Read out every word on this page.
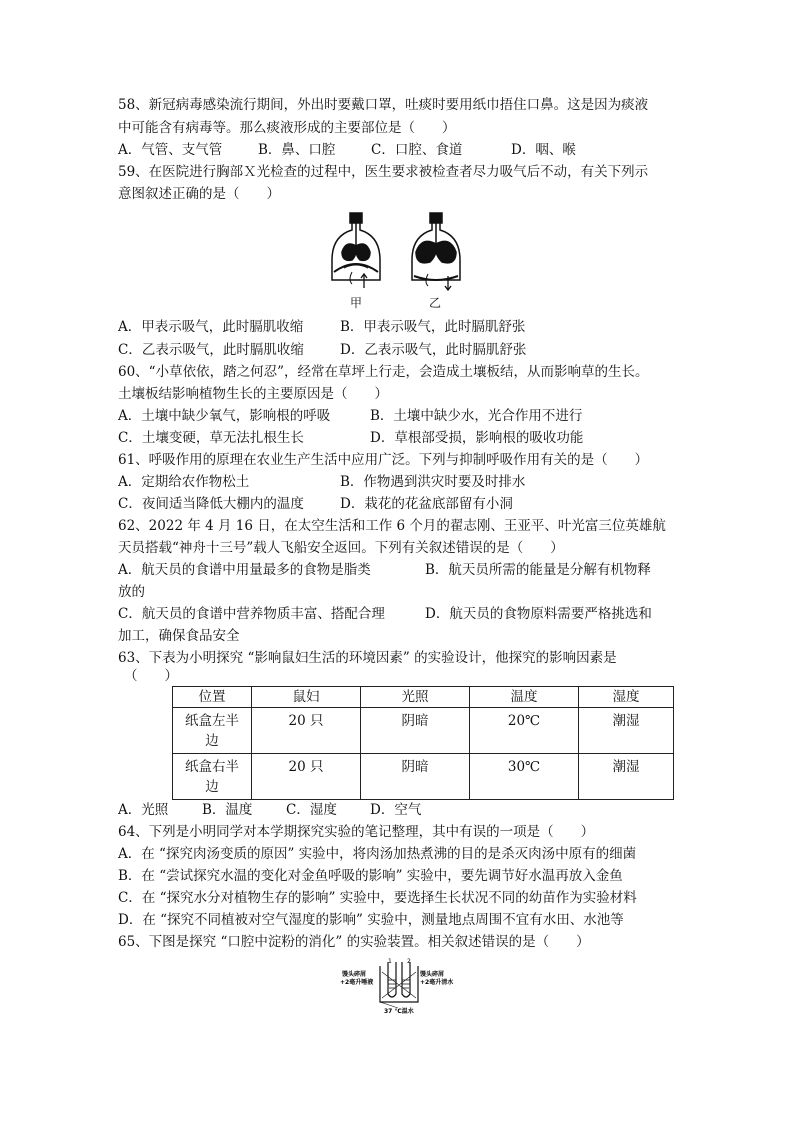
58、新冠病毒感染流行期间，外出时要戴口罩，吐痰时要用纸巾捂住口鼻。这是因为痰液
中可能含有病毒等。那么痰液形成的主要部位是（　　）
A．气管、支气管	B．鼻、口腔	C．口腔、食道	D．咽、喉
59、在医院进行胸部Ｘ光检查的过程中，医生要求被检查者尽力吸气后不动，有关下列示
意图叙述正确的是（　　）
甲	乙
A．甲表示吸气，此时膈肌收缩	B．甲表示吸气，此时膈肌舒张
C．乙表示吸气，此时膈肌收缩	D．乙表示吸气，此时膈肌舒张
60、“小草依依，踏之何忍”，经常在草坪上行走，会造成土壤板结，从而影响草的生长。
土壤板结影响植物生长的主要原因是（　　）
A．土壤中缺少氧气，影响根的呼吸	B．土壤中缺少水，光合作用不进行
C．土壤变硬，草无法扎根生长	D．草根部受损，影响根的吸收功能
61、呼吸作用的原理在农业生产生活中应用广泛。下列与抑制呼吸作用有关的是（　　）
A．定期给农作物松土	B．作物遇到洪灾时要及时排水
C．夜间适当降低大棚内的温度	D．栽花的花盆底部留有小洞
62、2022 年 4 月 16 日，在太空生活和工作 6 个月的翟志刚、王亚平、叶光富三位英雄航
天员搭载“神舟十三号”载人飞船安全返回。下列有关叙述错误的是（　　）
A．航天员的食谱中用量最多的食物是脂类	B．航天员所需的能量是分解有机物释
放的
C．航天员的食谱中营养物质丰富、搭配合理	D．航天员的食物原料需要严格挑选和
加工，确保食品安全
63、下表为小明探究 “影响鼠妇生活的环境因素” 的实验设计，他探究的影响因素是
（　　）
位置	鼠妇	光照	温度	湿度
纸盒左半
边	20 只	阴暗	20℃	潮湿
纸盒右半
边	20 只	阴暗	30℃	潮湿
A．光照	B．温度 C．湿度 D．空气
64、下列是小明同学对本学期探究实验的笔记整理，其中有误的一项是（　　）
A．在 “探究肉汤变质的原因” 实验中，将肉汤加热煮沸的目的是杀灭肉汤中原有的细菌
B．在 “尝试探究水温的变化对金鱼呼吸的影响” 实验中，要先调节好水温再放入金鱼
C．在 “探究水分对植物生存的影响” 实验中，要选择生长状况不同的幼苗作为实验材料
D．在 “探究不同植被对空气湿度的影响” 实验中，测量地点周围不宜有水田、水池等
65、下图是探究 “口腔中淀粉的消化” 的实验装置。相关叙述错误的是（　　）
1	2
馒头碎屑
+2毫升唾液
馒头碎屑
+2毫升清水
37 ℃温水
